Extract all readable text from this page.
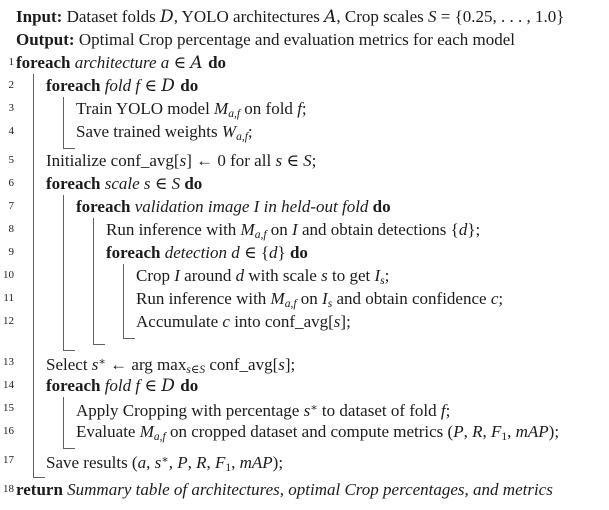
Input: Dataset folds D, YOLO architectures A, Crop scales S = {0.25, . . . , 1.0}
Output: Optimal Crop percentage and evaluation metrics for each model
1 foreach architecture a ∈ A do
2 foreach fold f ∈ D do
3	Train YOLO model Ma,f on fold f;
4	Save trained weights Wa,f;
5 Initialize conf_avg[s] ← 0 for all s ∈ S;
6 foreach scale s ∈ S do
7	foreach validation image I in held-out fold do
8	Run inference with Ma,f on I and obtain detections {d};
9	foreach detection d ∈ {d} do
10	Crop I around d with scale s to get Is;
11	Run inference with Ma,f on Is and obtain confidence c;
12	Accumulate c into conf_avg[s];
13 Select s∗ ← arg maxs∈S conf_avg[s];
14 foreach fold f ∈ D do
15	Apply Cropping with percentage s∗ to dataset of fold f;
16	Evaluate Ma,f on cropped dataset and compute metrics (P, R, F1, mAP);
17 Save results (a, s∗, P, R, F1, mAP);
18 return Summary table of architectures, optimal Crop percentages, and metrics
